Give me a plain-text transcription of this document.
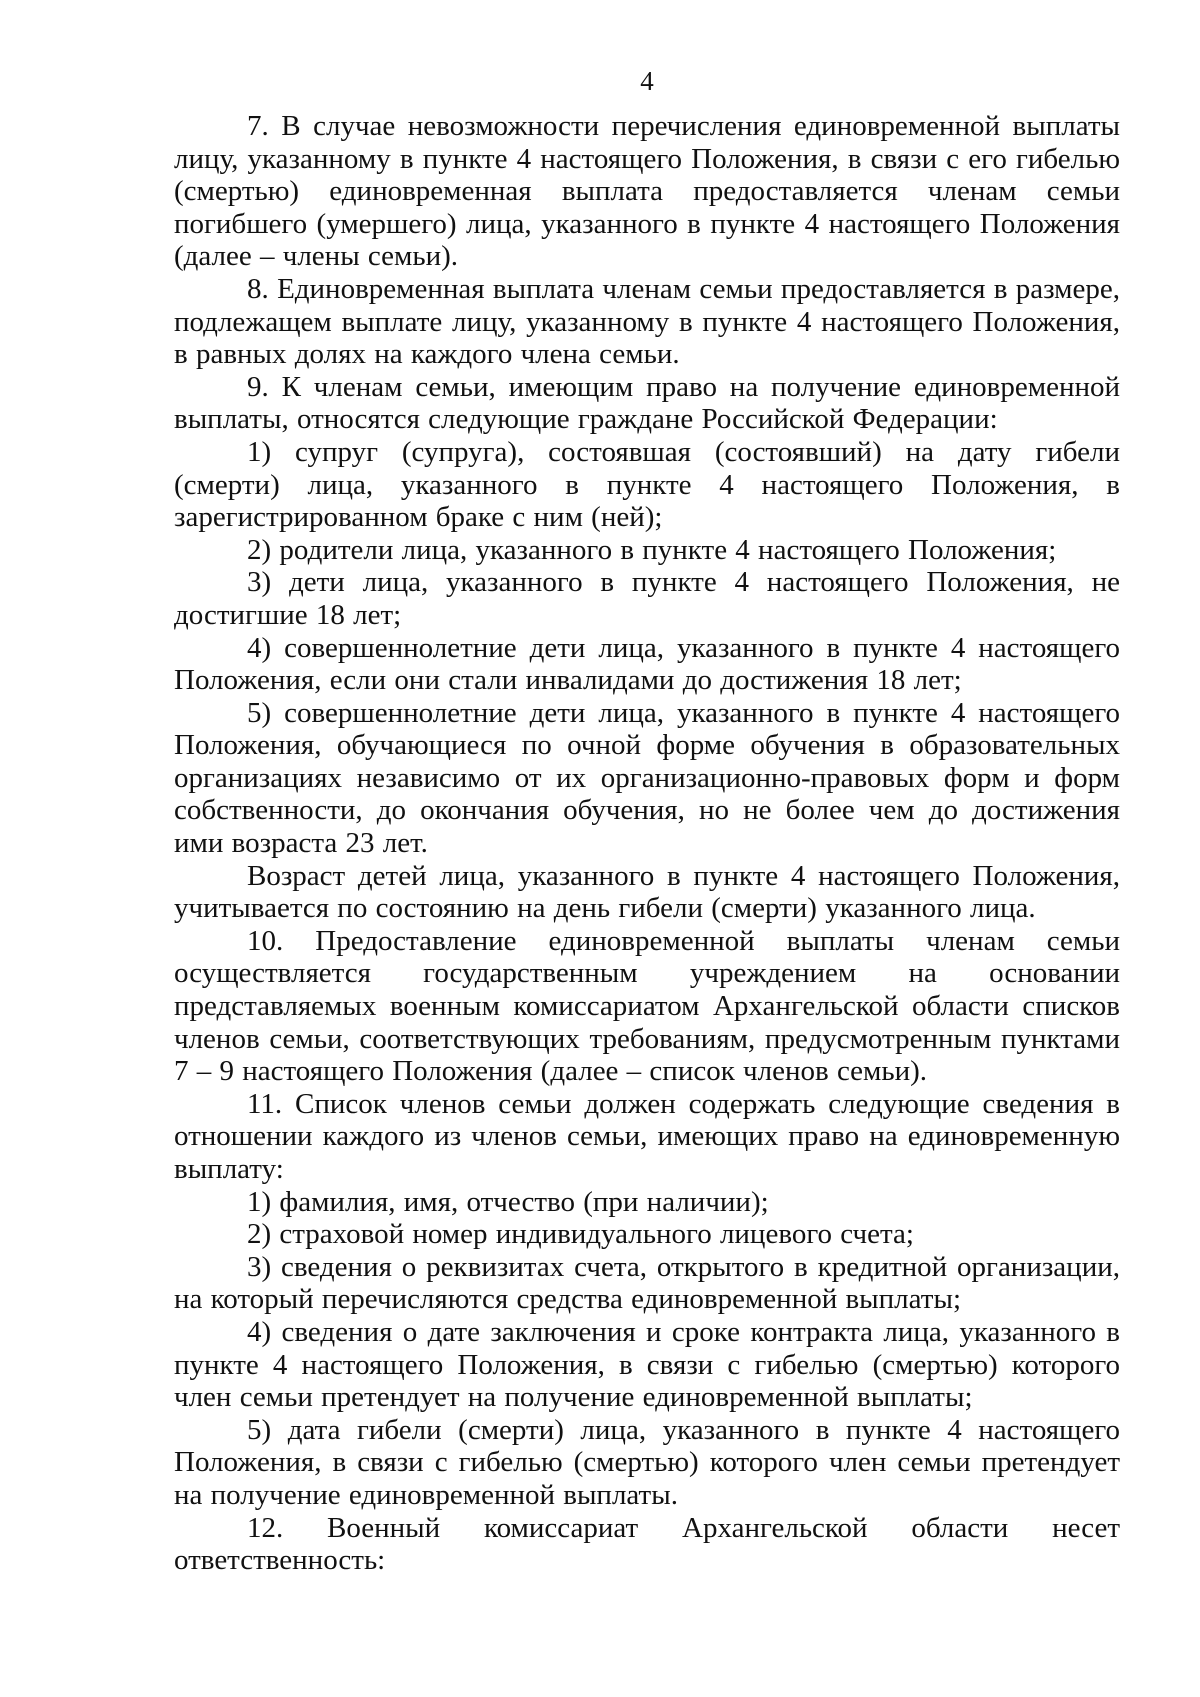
4

7. В случае невозможности перечисления единовременной выплаты лицу, указанному в пункте 4 настоящего Положения, в связи с его гибелью (смертью) единовременная выплата предоставляется членам семьи погибшего (умершего) лица, указанного в пункте 4 настоящего Положения (далее – члены семьи).

8. Единовременная выплата членам семьи предоставляется в размере, подлежащем выплате лицу, указанному в пункте 4 настоящего Положения, в равных долях на каждого члена семьи.

9. К членам семьи, имеющим право на получение единовременной выплаты, относятся следующие граждане Российской Федерации:

1) супруг (супруга), состоявшая (состоявший) на дату гибели (смерти) лица, указанного в пункте 4 настоящего Положения, в зарегистрированном браке с ним (ней);

2) родители лица, указанного в пункте 4 настоящего Положения;

3) дети лица, указанного в пункте 4 настоящего Положения, не достигшие 18 лет;

4) совершеннолетние дети лица, указанного в пункте 4 настоящего Положения, если они стали инвалидами до достижения 18 лет;

5) совершеннолетние дети лица, указанного в пункте 4 настоящего Положения, обучающиеся по очной форме обучения в образовательных организациях независимо от их организационно-правовых форм и форм собственности, до окончания обучения, но не более чем до достижения ими возраста 23 лет.

Возраст детей лица, указанного в пункте 4 настоящего Положения, учитывается по состоянию на день гибели (смерти) указанного лица.

10. Предоставление единовременной выплаты членам семьи осуществляется государственным учреждением на основании представляемых военным комиссариатом Архангельской области списков членов семьи, соответствующих требованиям, предусмотренным пунктами 7 – 9 настоящего Положения (далее – список членов семьи).

11. Список членов семьи должен содержать следующие сведения в отношении каждого из членов семьи, имеющих право на единовременную выплату:

1) фамилия, имя, отчество (при наличии);

2) страховой номер индивидуального лицевого счета;

3) сведения о реквизитах счета, открытого в кредитной организации, на который перечисляются средства единовременной выплаты;

4) сведения о дате заключения и сроке контракта лица, указанного в пункте 4 настоящего Положения, в связи с гибелью (смертью) которого член семьи претендует на получение единовременной выплаты;

5) дата гибели (смерти) лица, указанного в пункте 4 настоящего Положения, в связи с гибелью (смертью) которого член семьи претендует на получение единовременной выплаты.

12. Военный комиссариат Архангельской области несет ответственность:
